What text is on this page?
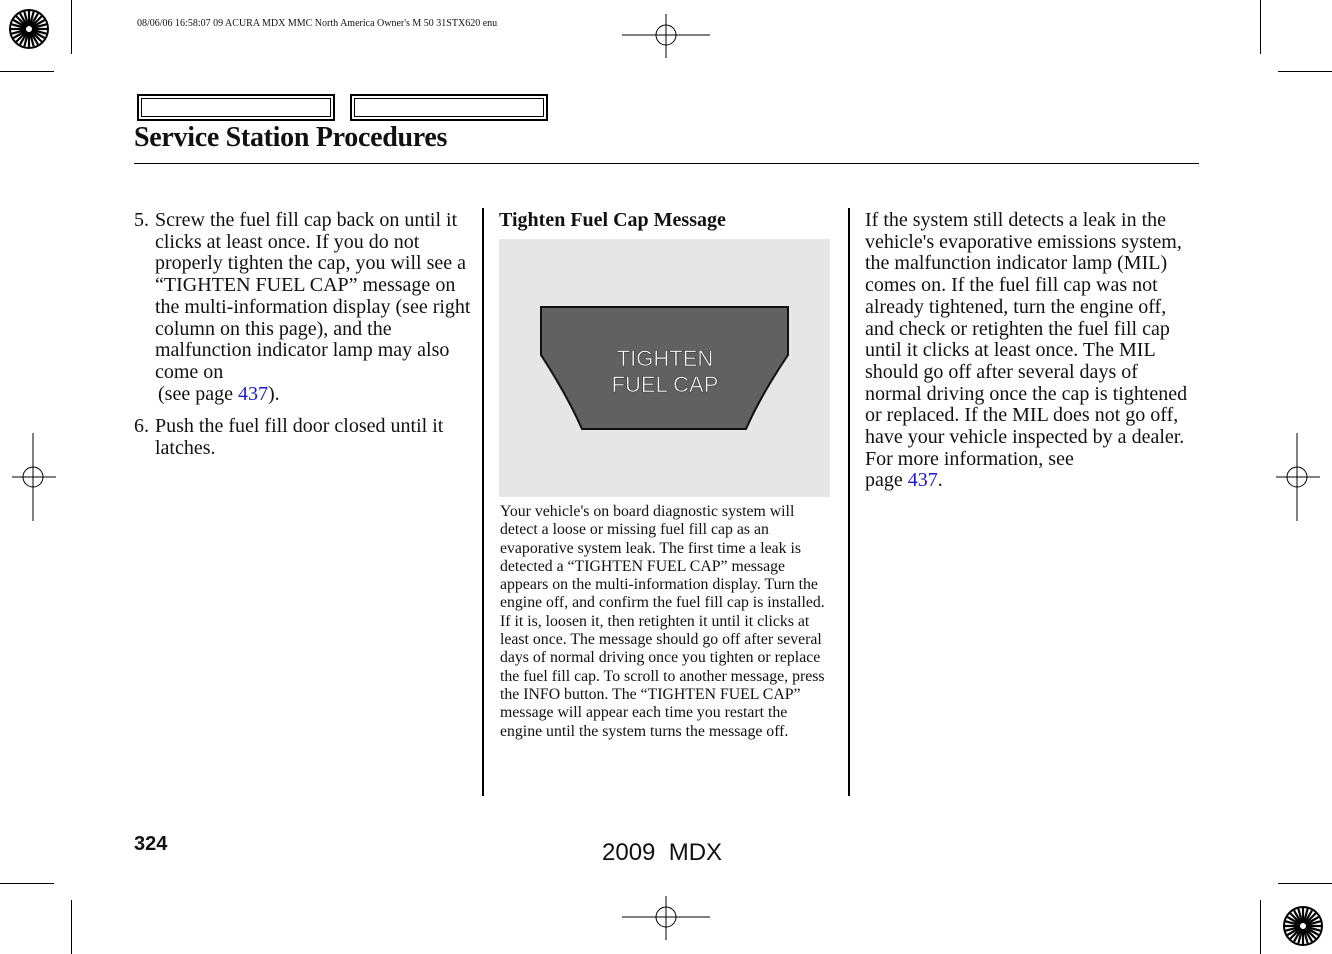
08/06/06 16:58:07 09 ACURA MDX MMC North America Owner's M 50 31STX620 enu
Service Station Procedures
5. Screw the fuel fill cap back on until it clicks at least once. If you do not properly tighten the cap, you will see a “TIGHTEN FUEL CAP” message on the multi-information display (see right column on this page), and the malfunction indicator lamp may also come on
(see page 437).
6. Push the fuel fill door closed until it latches.
Tighten Fuel Cap Message
TIGHTEN
FUEL CAP
Your vehicle's on board diagnostic system will detect a loose or missing fuel fill cap as an evaporative system leak. The first time a leak is detected a “TIGHTEN FUEL CAP” message appears on the multi-information display. Turn the engine off, and confirm the fuel fill cap is installed. If it is, loosen it, then retighten it until it clicks at least once. The message should go off after several days of normal driving once you tighten or replace the fuel fill cap. To scroll to another message, press the INFO button. The “TIGHTEN FUEL CAP” message will appear each time you restart the engine until the system turns the message off.
If the system still detects a leak in the vehicle's evaporative emissions system, the malfunction indicator lamp (MIL) comes on. If the fuel fill cap was not already tightened, turn the engine off, and check or retighten the fuel fill cap until it clicks at least once. The MIL should go off after several days of normal driving once the cap is tightened or replaced. If the MIL does not go off, have your vehicle inspected by a dealer. For more information, see
page 437.
324	2009  MDX
